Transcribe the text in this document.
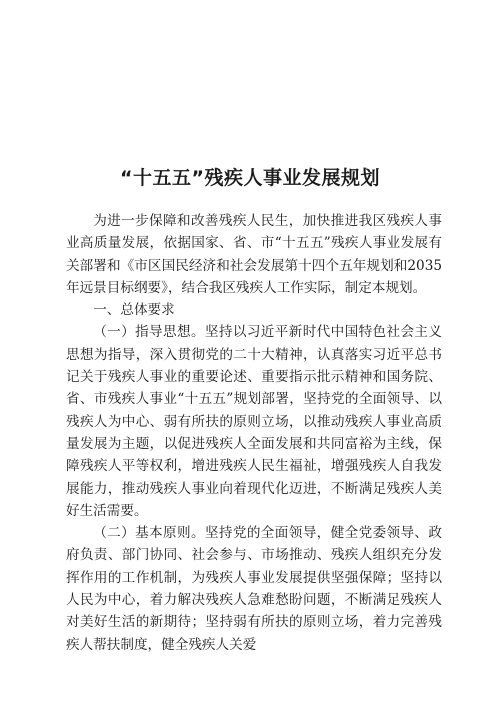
“十五五”残疾人事业发展规划

为进一步保障和改善残疾人民生，加快推进我区残疾人事业高质量发展，依据国家、省、市“十五五”残疾人事业发展有关部署和《市区国民经济和社会发展第十四个五年规划和2035年远景目标纲要》，结合我区残疾人工作实际，制定本规划。

一、总体要求

（一）指导思想。坚持以习近平新时代中国特色社会主义思想为指导，深入贯彻党的二十大精神，认真落实习近平总书记关于残疾人事业的重要论述、重要指示批示精神和国务院、省、市残疾人事业“十五五”规划部署，坚持党的全面领导、以残疾人为中心、弱有所扶的原则立场，以推动残疾人事业高质量发展为主题，以促进残疾人全面发展和共同富裕为主线，保障残疾人平等权利，增进残疾人民生福祉，增强残疾人自我发展能力，推动残疾人事业向着现代化迈进，不断满足残疾人美好生活需要。

（二）基本原则。坚持党的全面领导，健全党委领导、政府负责、部门协同、社会参与、市场推动、残疾人组织充分发挥作用的工作机制，为残疾人事业发展提供坚强保障；坚持以人民为中心，着力解决残疾人急难愁盼问题，不断满足残疾人对美好生活的新期待；坚持弱有所扶的原则立场，着力完善残疾人帮扶制度，健全残疾人关爱
